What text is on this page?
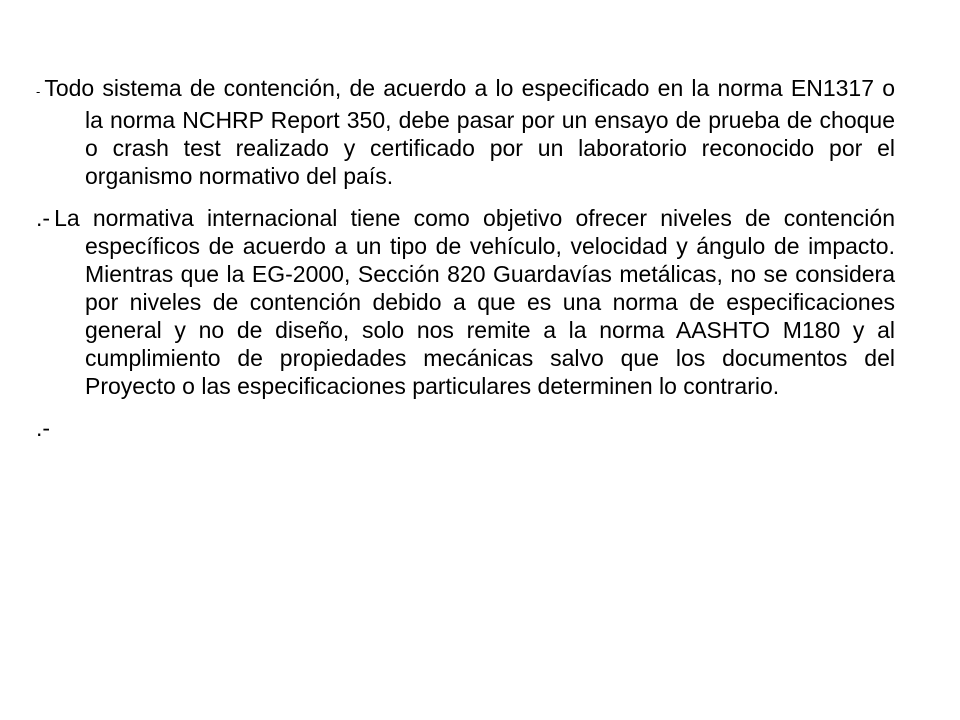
- Todo sistema de contención, de acuerdo a lo especificado en la norma EN1317 o la norma NCHRP Report 350, debe pasar por un ensayo de prueba de choque o crash test realizado y certificado por un laboratorio reconocido por el organismo normativo del país.

.- La normativa internacional tiene como objetivo ofrecer niveles de contención específicos de acuerdo a un tipo de vehículo, velocidad y ángulo de impacto. Mientras que la EG-2000, Sección 820 Guardavías metálicas, no se considera por niveles de contención debido a que es una norma de especificaciones general y no de diseño, solo nos remite a la norma AASHTO M180 y al cumplimiento de propiedades mecánicas salvo que los documentos del Proyecto o las especificaciones particulares determinen lo contrario.

.-
